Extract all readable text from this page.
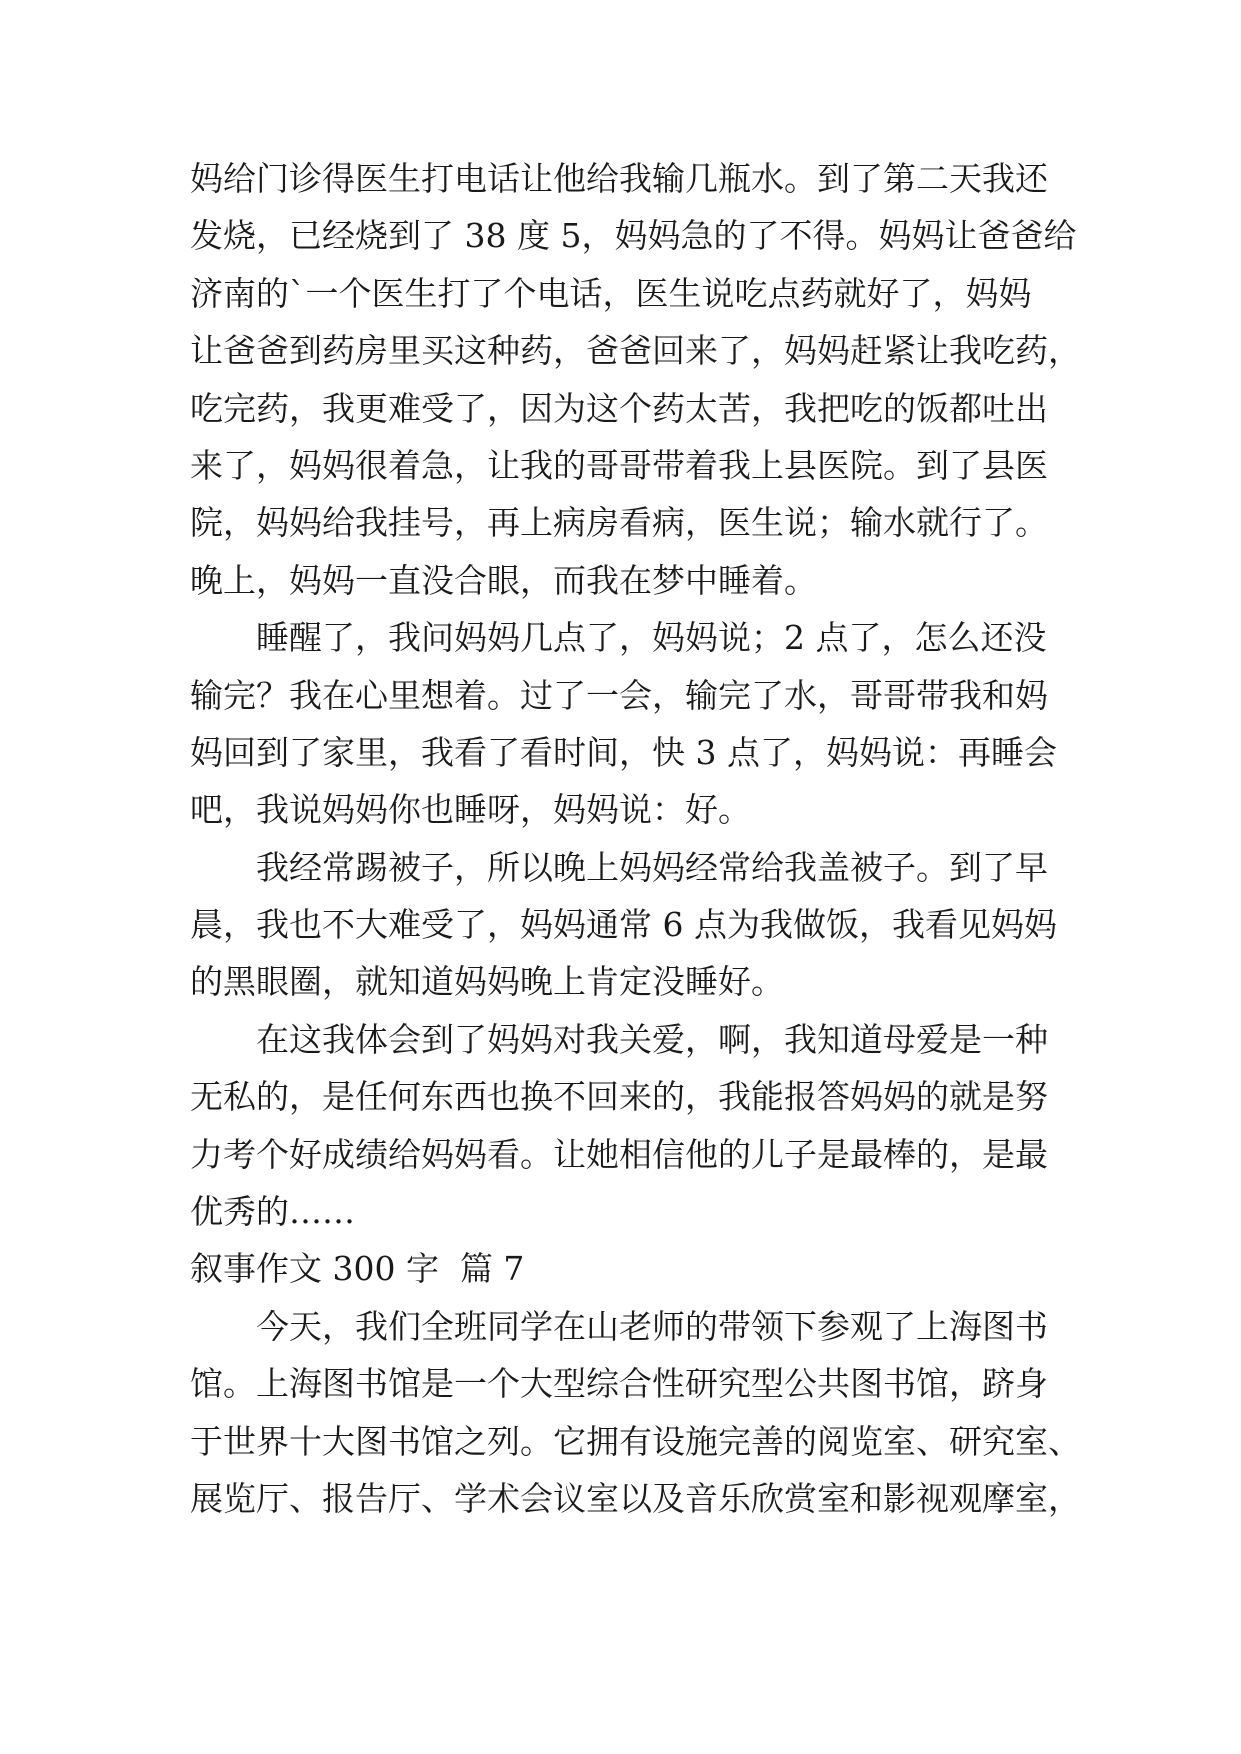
妈给门诊得医生打电话让他给我输几瓶水。到了第二天我还
发烧，已经烧到了 38 度 5，妈妈急的了不得。妈妈让爸爸给
济南的`一个医生打了个电话，医生说吃点药就好了，妈妈
让爸爸到药房里买这种药，爸爸回来了，妈妈赶紧让我吃药，
吃完药，我更难受了，因为这个药太苦，我把吃的饭都吐出
来了，妈妈很着急，让我的哥哥带着我上县医院。到了县医
院，妈妈给我挂号，再上病房看病，医生说；输水就行了。
晚上，妈妈一直没合眼，而我在梦中睡着。
睡醒了，我问妈妈几点了，妈妈说；2 点了，怎么还没
输完？我在心里想着。过了一会，输完了水，哥哥带我和妈
妈回到了家里，我看了看时间，快 3 点了，妈妈说：再睡会
吧，我说妈妈你也睡呀，妈妈说：好。
我经常踢被子，所以晚上妈妈经常给我盖被子。到了早
晨，我也不大难受了，妈妈通常 6 点为我做饭，我看见妈妈
的黑眼圈，就知道妈妈晚上肯定没睡好。
在这我体会到了妈妈对我关爱，啊，我知道母爱是一种
无私的，是任何东西也换不回来的，我能报答妈妈的就是努
力考个好成绩给妈妈看。让她相信他的儿子是最棒的，是最
优秀的……
叙事作文 300 字  篇 7
今天，我们全班同学在山老师的带领下参观了上海图书
馆。上海图书馆是一个大型综合性研究型公共图书馆，跻身
于世界十大图书馆之列。它拥有设施完善的阅览室、研究室、
展览厅、报告厅、学术会议室以及音乐欣赏室和影视观摩室，
